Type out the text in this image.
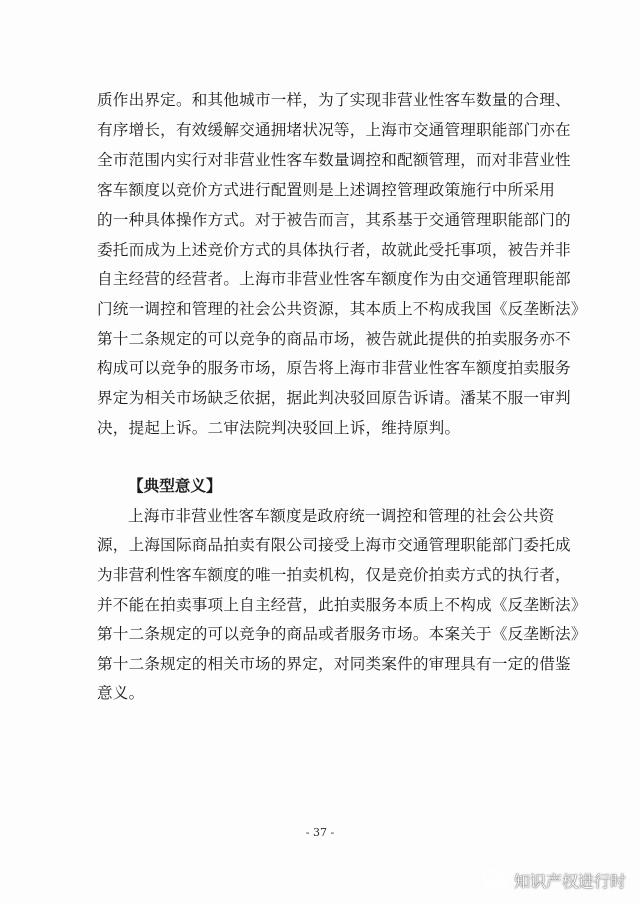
质作出界定。和其他城市一样，为了实现非营业性客车数量的合理、
有序增长，有效缓解交通拥堵状况等，上海市交通管理职能部门亦在
全市范围内实行对非营业性客车数量调控和配额管理，而对非营业性
客车额度以竞价方式进行配置则是上述调控管理政策施行中所采用
的一种具体操作方式。对于被告而言，其系基于交通管理职能部门的
委托而成为上述竞价方式的具体执行者，故就此受托事项，被告并非
自主经营的经营者。上海市非营业性客车额度作为由交通管理职能部
门统一调控和管理的社会公共资源，其本质上不构成我国《反垄断法》
第十二条规定的可以竞争的商品市场，被告就此提供的拍卖服务亦不
构成可以竞争的服务市场，原告将上海市非营业性客车额度拍卖服务
界定为相关市场缺乏依据，据此判决驳回原告诉请。潘某不服一审判
决，提起上诉。二审法院判决驳回上诉，维持原判。
【典型意义】
上海市非营业性客车额度是政府统一调控和管理的社会公共资
源，上海国际商品拍卖有限公司接受上海市交通管理职能部门委托成
为非营利性客车额度的唯一拍卖机构，仅是竞价拍卖方式的执行者，
并不能在拍卖事项上自主经营，此拍卖服务本质上不构成《反垄断法》
第十二条规定的可以竞争的商品或者服务市场。本案关于《反垄断法》
第十二条规定的相关市场的界定，对同类案件的审理具有一定的借鉴
意义。
- 37 -
知识产权进行时
